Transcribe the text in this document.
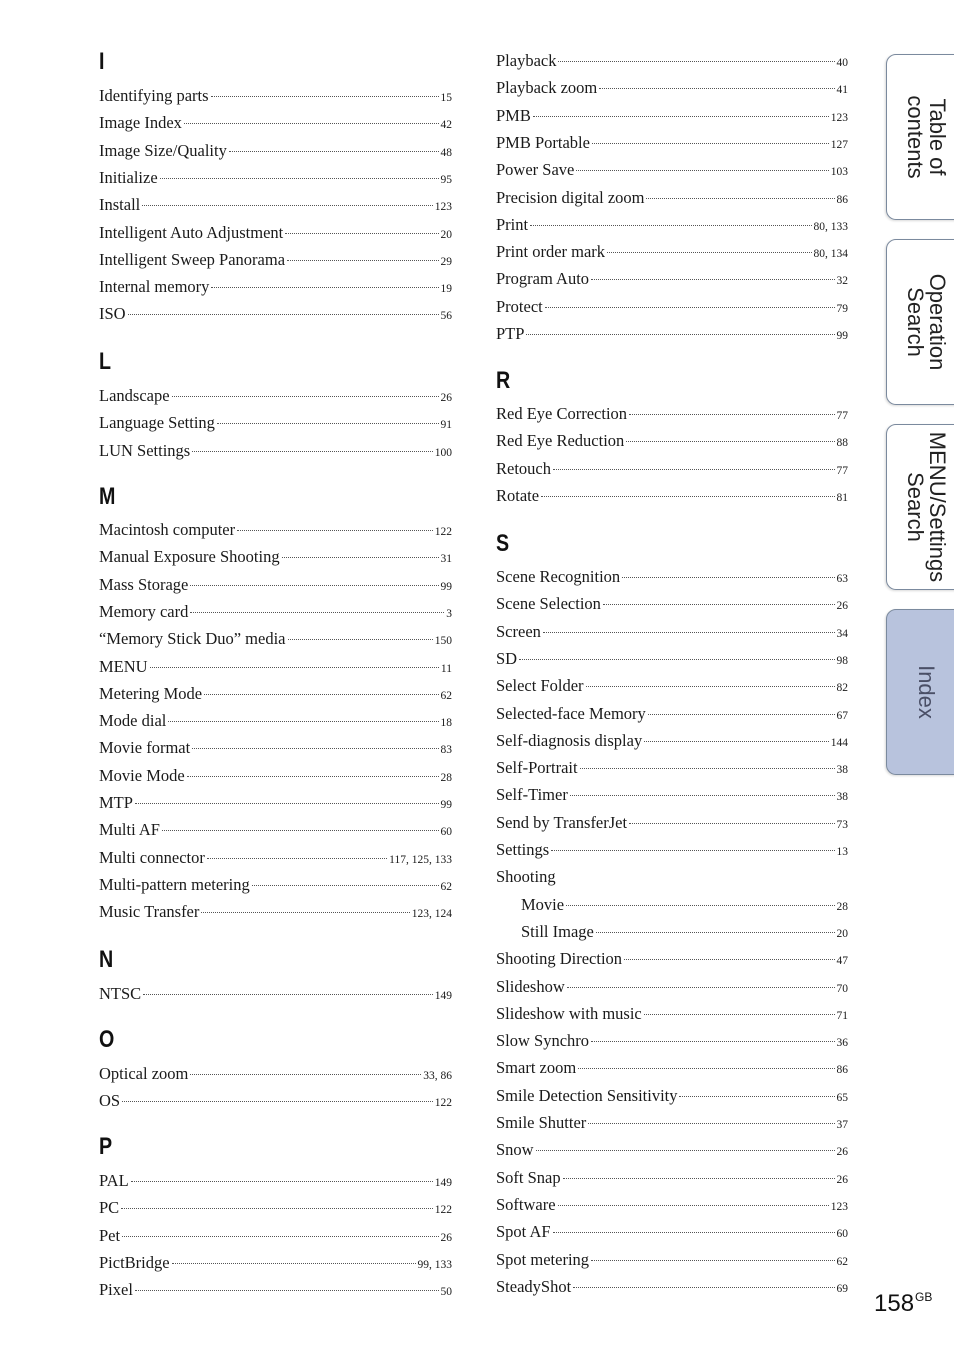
I
Identifying parts	15
Image Index	42
Image Size/Quality	48
Initialize	95
Install	123
Intelligent Auto Adjustment	20
Intelligent Sweep Panorama	29
Internal memory	19
ISO	56
L
Landscape	26
Language Setting	91
LUN Settings	100
M
Macintosh computer	122
Manual Exposure Shooting	31
Mass Storage	99
Memory card	3
“Memory Stick Duo” media	150
MENU	11
Metering Mode	62
Mode dial	18
Movie format	83
Movie Mode	28
MTP	99
Multi AF	60
Multi connector	117, 125, 133
Multi-pattern metering	62
Music Transfer	123, 124
N
NTSC	149
O
Optical zoom	33, 86
OS	122
P
PAL	149
PC	122
Pet	26
PictBridge	99, 133
Pixel	50
Playback	40
Playback zoom	41
PMB	123
PMB Portable	127
Power Save	103
Precision digital zoom	86
Print	80, 133
Print order mark	80, 134
Program Auto	32
Protect	79
PTP	99
R
Red Eye Correction	77
Red Eye Reduction	88
Retouch	77
Rotate	81
S
Scene Recognition	63
Scene Selection	26
Screen	34
SD	98
Select Folder	82
Selected-face Memory	67
Self-diagnosis display	144
Self-Portrait	38
Self-Timer	38
Send by TransferJet	73
Settings	13
Shooting
Movie	28
Still Image	20
Shooting Direction	47
Slideshow	70
Slideshow with music	71
Slow Synchro	36
Smart zoom	86
Smile Detection Sensitivity	65
Smile Shutter	37
Snow	26
Soft Snap	26
Software	123
Spot AF	60
Spot metering	62
SteadyShot	69
Table of
contents
Operation
Search
MENU/Settings
Search
Index
$158^{GB}$
